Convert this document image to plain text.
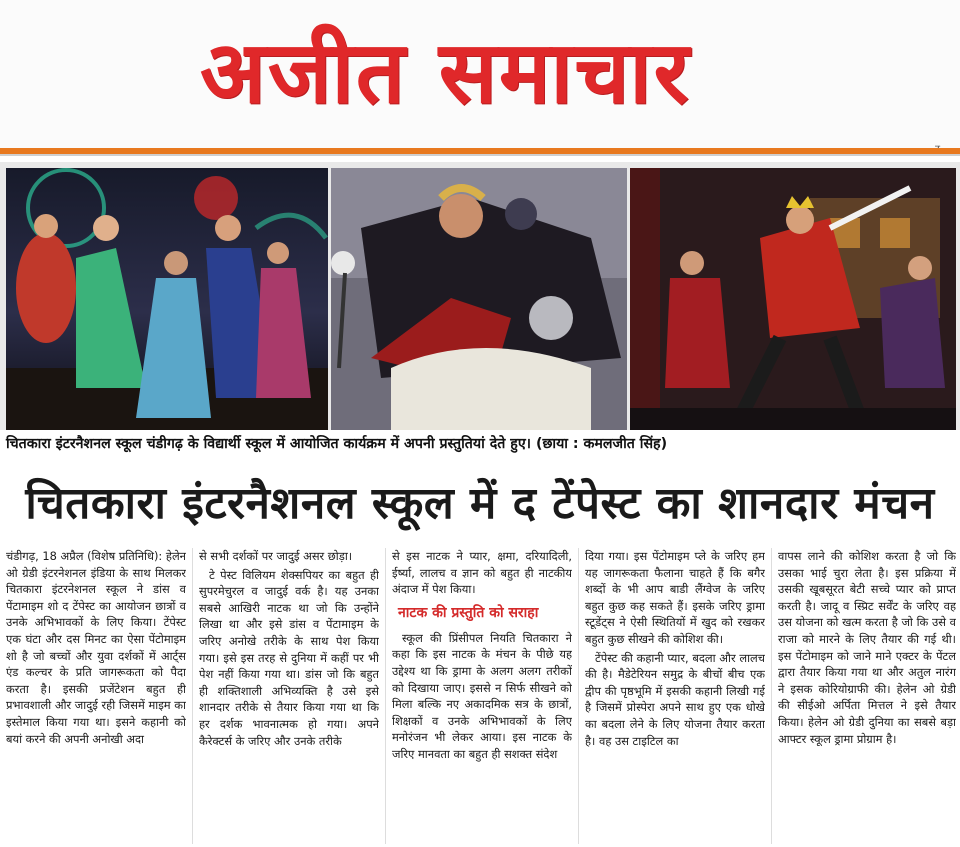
अजीत समाचार
चितकारा इंटरनैशनल स्कूल चंडीगढ़ के विद्यार्थी स्कूल में आयोजित कार्यक्रम में अपनी प्रस्तुतियां देते हुए। (छाया : कमलजीत सिंह)
चितकारा इंटरनैशनल स्कूल में द टेंपेस्ट का शानदार मंचन

चंडीगढ़, 18 अप्रैल (विशेष प्रतिनिधि): हेलेन ओ ग्रेडी इंटरनेशनल इंडिया के साथ मिलकर चितकारा इंटरनेशनल स्कूल ने डांस व पेंटामाइम शो द टेंपेस्ट का आयोजन छात्रों व उनके अभिभावकों के लिए किया। टेंपेस्ट एक घंटा और दस मिनट का ऐसा पेंटोमाइम शो है जो बच्चों और युवा दर्शकों में आर्ट्स एंड कल्चर के प्रति जागरूकता को पैदा करता है। इसकी प्रजेंटेशन बहुत ही प्रभावशाली और जादुई रही जिसमें माइम का इस्तेमाल किया गया था। इसने कहानी को बयां करने की अपनी अनोखी अदा

से सभी दर्शकों पर जादुई असर छोड़ा।

टे पेस्ट विलियम शेक्सपियर का बहुत ही सुपरमेचुरल व जादुई वर्क है। यह उनका सबसे आखिरी नाटक था जो कि उन्होंने लिखा था और इसे डांस व पेंटामाइम के जरिए अनोखे तरीके के साथ पेश किया गया। इसे इस तरह से दुनिया में कहीं पर भी पेश नहीं किया गया था। डांस जो कि बहुत ही शक्तिशाली अभिव्यक्ति है उसे इसे शानदार तरीके से तैयार किया गया था कि हर दर्शक भावनात्मक हो गया। अपने कैरेक्टर्स के जरिए और उनके तरीके

से इस नाटक ने प्यार, क्षमा, दरियादिली, ईर्ष्या, लालच व ज्ञान को बहुत ही नाटकीय अंदाज में पेश किया।

नाटक की प्रस्तुति को सराहा

स्कूल की प्रिंसीपल नियति चितकारा ने कहा कि इस नाटक के मंचन के पीछे यह उद्देश्य था कि ड्रामा के अलग अलग तरीकों को दिखाया जाए। इससे न सिर्फ सीखने को मिला बल्कि नए अकादमिक सत्र के छात्रों, शिक्षकों व उनके अभिभावकों के लिए मनोरंजन भी लेकर आया। इस नाटक के जरिए मानवता का बहुत ही सशक्त संदेश

दिया गया। इस पेंटोमाइम प्ले के जरिए हम यह जागरूकता फैलाना चाहते हैं कि बगैर शब्दों के भी आप बाडी लैंग्वेज के जरिए बहुत कुछ कह सकते हैं। इसके जरिए ड्रामा स्टूडेंट्स ने ऐसी स्थितियों में खुद को रखकर बहुत कुछ सीखने की कोशिश की।

टेंपेस्ट की कहानी प्यार, बदला और लालच की है। मैडेटेरियन समुद्र के बीचों बीच एक द्वीप की पृष्ठभूमि में इसकी कहानी लिखी गई है जिसमें प्रोस्पेरा अपने साथ हुए एक धोखे का बदला लेने के लिए योजना तैयार करता है। वह उस टाइटिल का

वापस लाने की कोशिश करता है जो कि उसका भाई चुरा लेता है। इस प्रक्रिया में उसकी खूबसूरत बेटी सच्चे प्यार को प्राप्त करती है। जादू व स्प्रिट सर्वेंट के जरिए वह उस योजना को खत्म करता है जो कि उसे व राजा को मारने के लिए तैयार की गई थी। इस पेंटोमाइम को जाने माने एक्टर के पेंटल द्वारा तैयार किया गया था और अतुल नारंग ने इसक कोरियोग्राफी की। हेलेन ओ ग्रेडी की सीईओ अर्पिता मित्तल ने इसे तैयार किया। हेलेन ओ ग्रेडी दुनिया का सबसे बड़ा आफ्टर स्कूल ड्रामा प्रोग्राम है।
